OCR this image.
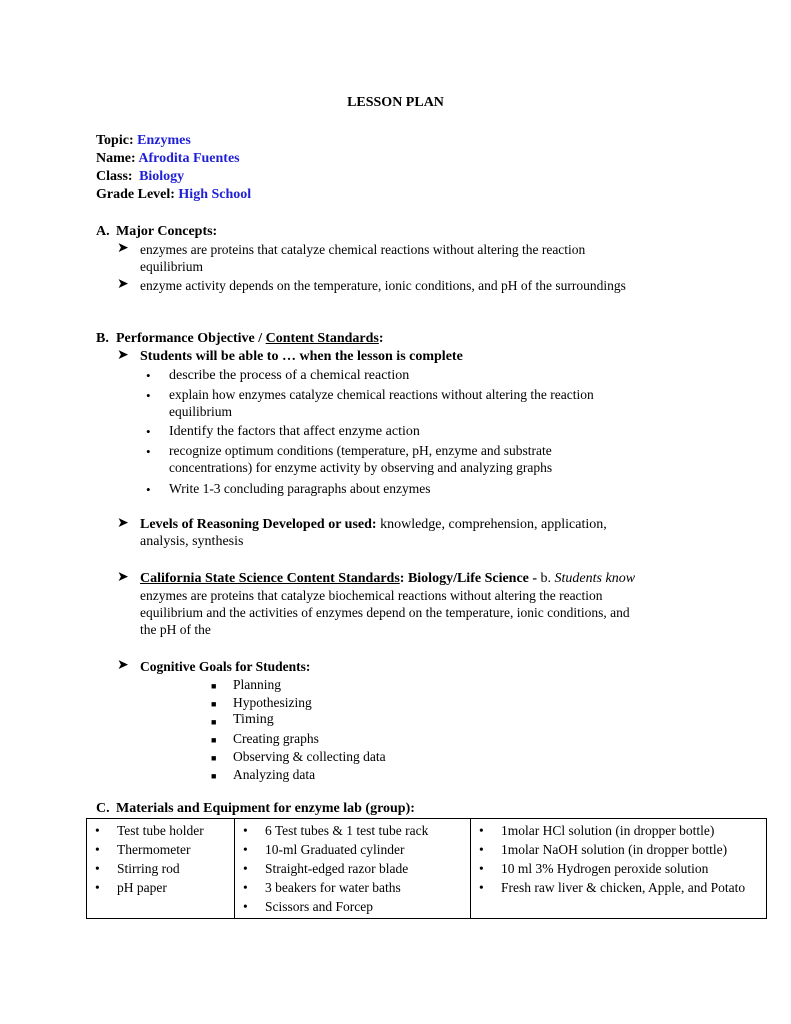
LESSON PLAN
Topic: Enzymes
Name: Afrodita Fuentes
Class: Biology
Grade Level: High School
A. Major Concepts:
➤ enzymes are proteins that catalyze chemical reactions without altering the reaction
equilibrium
➤ enzyme activity depends on the temperature, ionic conditions, and pH of the surroundings
B. Performance Objective / Content Standards:
➤ Students will be able to … when the lesson is complete
• describe the process of a chemical reaction
• explain how enzymes catalyze chemical reactions without altering the reaction
equilibrium
• Identify the factors that affect enzyme action
• recognize optimum conditions (temperature, pH, enzyme and substrate
concentrations) for enzyme activity by observing and analyzing graphs
• Write 1-3 concluding paragraphs about enzymes
➤ Levels of Reasoning Developed or used: knowledge, comprehension, application,
analysis, synthesis
➤ California State Science Content Standards: Biology/Life Science - b. Students know
enzymes are proteins that catalyze biochemical reactions without altering the reaction
equilibrium and the activities of enzymes depend on the temperature, ionic conditions, and
the pH of the
➤ Cognitive Goals for Students:
■ Planning
■ Hypothesizing
■ Timing
■ Creating graphs
■ Observing & collecting data
■ Analyzing data
C. Materials and Equipment for enzyme lab (group):
• Test tube holder
• Thermometer
• Stirring rod
• pH paper

• 6 Test tubes & 1 test tube rack
• 10-ml Graduated cylinder
• Straight-edged razor blade
• 3 beakers for water baths
• Scissors and Forcep

• 1molar HCl solution (in dropper bottle)
• 1molar NaOH solution (in dropper bottle)
• 10 ml 3% Hydrogen peroxide solution
• Fresh raw liver & chicken, Apple, and Potato
